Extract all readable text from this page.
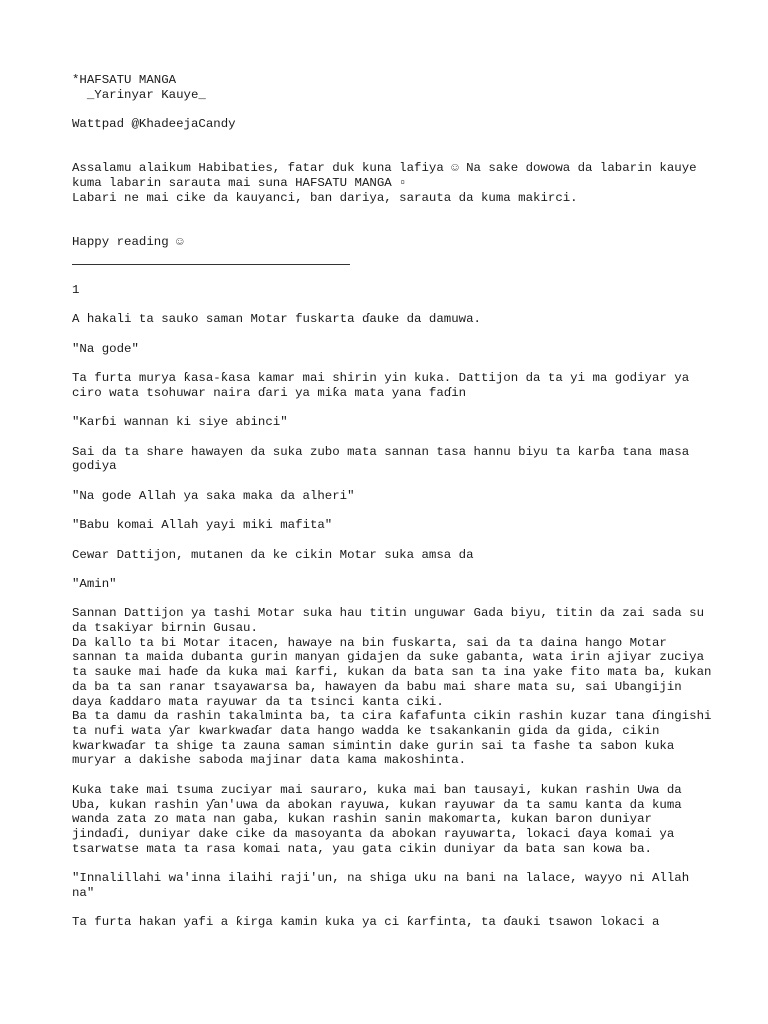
*HAFSATU MANGA
_Yarinyar Kauye_
Wattpad @KhadeejaCandy
Assalamu alaikum Habibaties, fatar duk kuna lafiya ☺ Na sake dowowa da labarin kauye kuma labarin sarauta mai suna HAFSATU MANGA ▫
Labari ne mai cike da kauyanci, ban dariya, sarauta da kuma makirci.
Happy reading ☺
1
A hakali ta sauko saman Motar fuskarta ɗauke da damuwa.
"Na gode"
Ta furta murya ƙasa-ƙasa kamar mai shirin yin kuka. Dattijon da ta yi ma godiyar ya ciro wata tsohuwar naira ɗari ya miƙa mata yana faɗin
"Karɓi wannan ki siye abinci"
Sai da ta share hawayen da suka zubo mata sannan tasa hannu biyu ta karɓa tana masa godiya
"Na gode Allah ya saka maka da alheri"
"Babu komai Allah yayi miki mafita"
Cewar Dattijon, mutanen da ke cikin Motar suka amsa da
"Amin"
Sannan Dattijon ya tashi Motar suka hau titin unguwar Gada biyu, titin da zai sada su da tsakiyar birnin Gusau.
Da kallo ta bi Motar itacen, hawaye na bin fuskarta, sai da ta daina hango Motar sannan ta maida dubanta gurin manyan gidajen da suke gabanta, wata irin ajiyar zuciya ta sauke mai haɗe da kuka mai ƙarfi, kukan da bata san ta ina yake fito mata ba, kukan da ba ta san ranar tsayawarsa ba, hawayen da babu mai share mata su, sai Ubangijin daya ƙaddaro mata rayuwar da ta tsinci kanta ciki.
Ba ta damu da rashin takalminta ba, ta cira ƙafafunta cikin rashin kuzar tana ɗingishi ta nufi wata ƴar kwarkwaɗar data hango wadda ke tsakankanin gida da gida, cikin kwarkwaɗar ta shige ta zauna saman simintin dake gurin sai ta fashe ta sabon kuka muryar a dakishe saboda majinar data kama makoshinta.
Kuka take mai tsuma zuciyar mai sauraro, kuka mai ban tausayi, kukan rashin Uwa da Uba, kukan rashin ƴan'uwa da abokan rayuwa, kukan rayuwar da ta samu kanta da kuma wanda zata zo mata nan gaba, kukan rashin sanin makomarta, kukan baron duniyar jindaɗi, duniyar dake cike da masoyanta da abokan rayuwarta, lokaci ɗaya komai ya tsarwatse mata ta rasa komai nata, yau gata cikin duniyar da bata san kowa ba.
"Innalillahi wa'inna ilaihi raji'un, na shiga uku na bani na lalace, wayyo ni Allah na"
Ta furta hakan yafi a ƙirga kamin kuka ya ci ƙarfinta, ta ɗauki tsawon lokaci a
